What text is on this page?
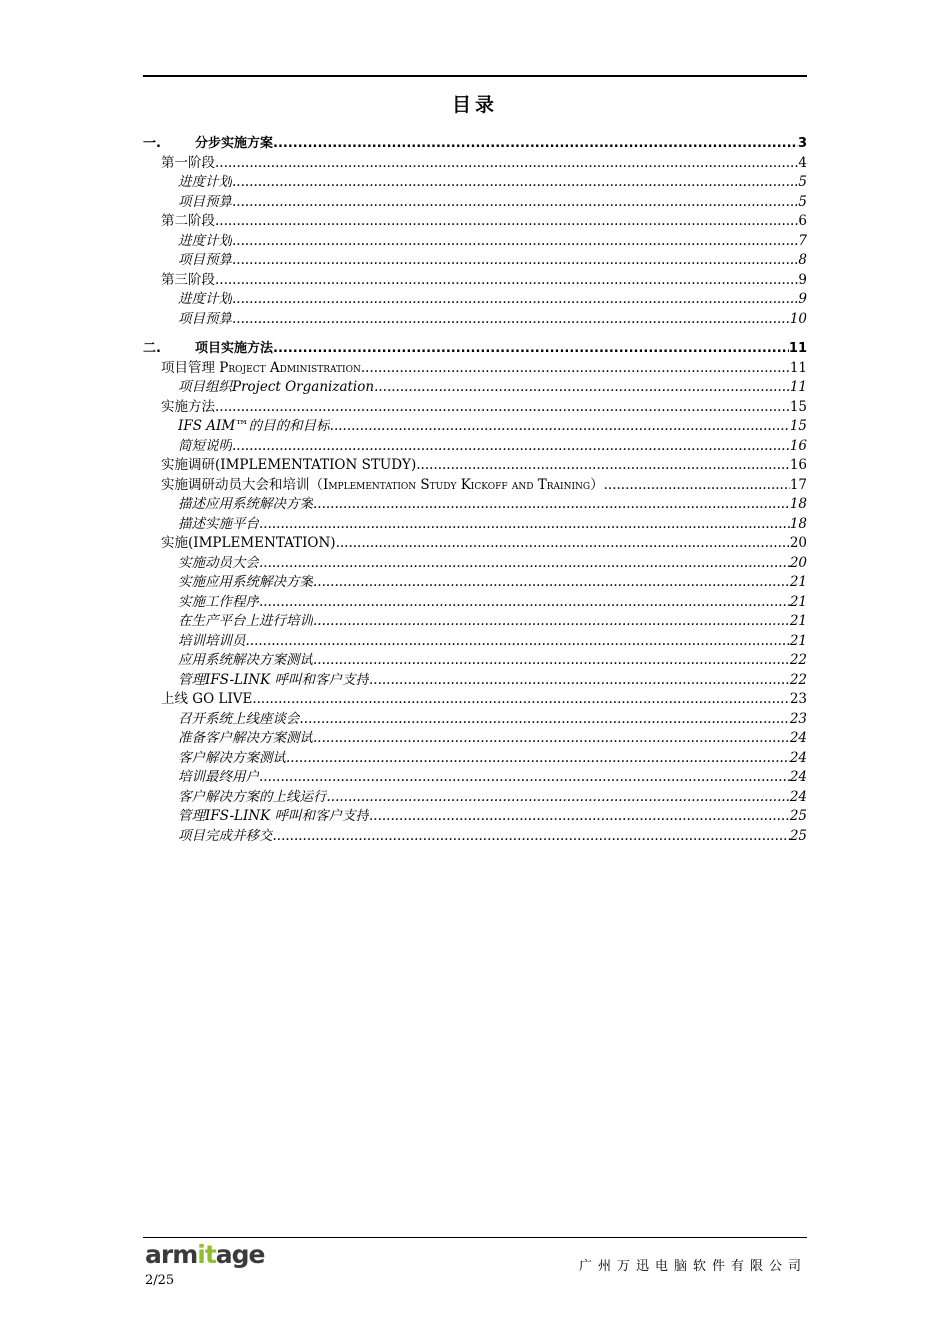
目录
一.	分步实施方案 .....	3
第一阶段 .....	4
进度计划 .....	5
项目预算 .....	5
第二阶段 .....	6
进度计划 .....	7
项目预算 .....	8
第三阶段 .....	9
进度计划 .....	9
项目预算 .....	10
二.	项目实施方法 .....	11
项目管理 Project Administration .....	11
项目组织Project Organization .....	11
实施方法 .....	15
IFS AIM™的目的和目标 .....	15
简短说明 .....	16
实施调研(IMPLEMENTATION STUDY) .....	16
实施调研动员大会和培训（Implementation Study Kickoff and Training） .....	17
描述应用系统解决方案 .....	18
描述实施平台 .....	18
实施(IMPLEMENTATION) .....	20
实施动员大会 .....	20
实施应用系统解决方案 .....	21
实施工作程序 .....	21
在生产平台上进行培训 .....	21
培训培训员 .....	21
应用系统解决方案测试 .....	22
管理IFS-LINK 呼叫和客户支持 .....	22
上线 GO LIVE .....	23
召开系统上线座谈会 .....	23
准备客户解决方案测试 .....	24
客户解决方案测试 .....	24
培训最终用户 .....	24
客户解决方案的上线运行 .....	24
管理IFS-LINK 呼叫和客户支持 .....	25
项目完成并移交 .....	25
armitage
2/25
广州万迅电脑软件有限公司
